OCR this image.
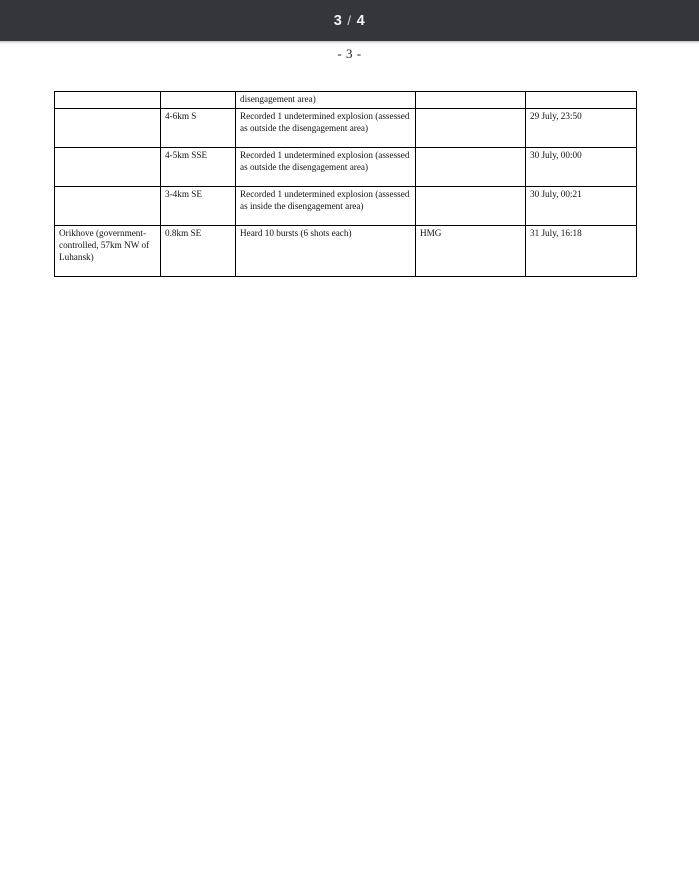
3 / 4
- 3 -
		disengagement area)		
	4-6km S	Recorded 1 undetermined explosion (assessed as outside the disengagement area)		29 July, 23:50
	4-5km SSE	Recorded 1 undetermined explosion (assessed as outside the disengagement area)		30 July, 00:00
	3-4km SE	Recorded 1 undetermined explosion (assessed as inside the disengagement area)		30 July, 00:21
Orikhove (government-controlled, 57km NW of Luhansk)	0.8km SE	Heard 10 bursts (6 shots each)	HMG	31 July, 16:18
